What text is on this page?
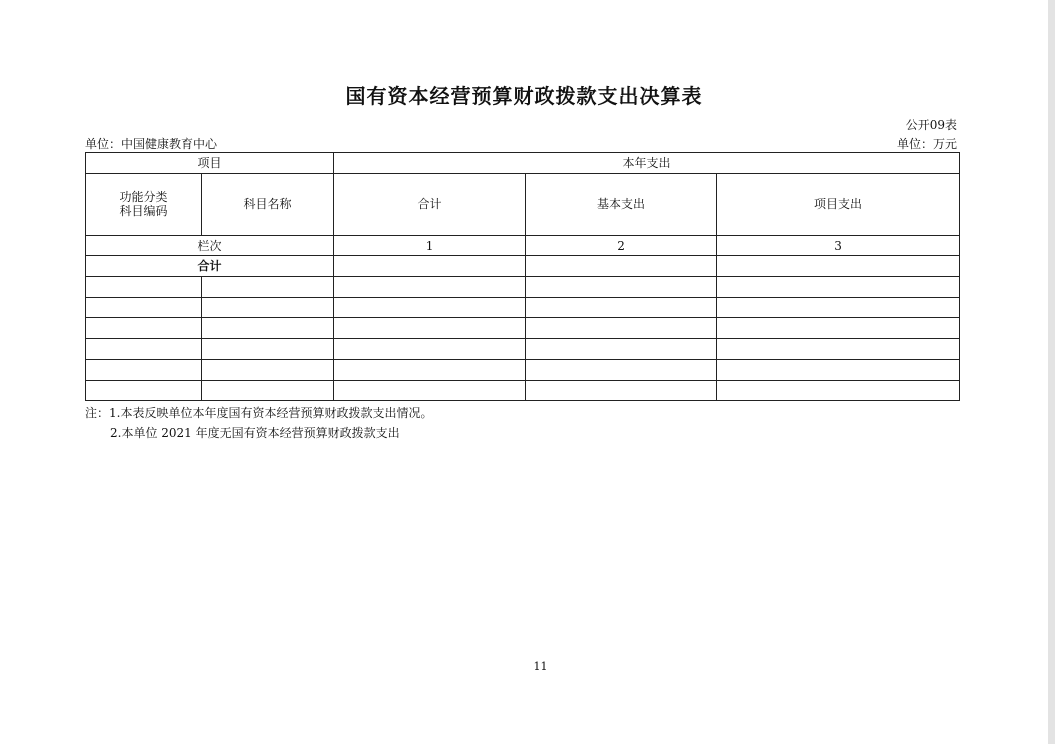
国有资本经营预算财政拨款支出决算表
公开09表
单位：中国健康教育中心	单位：万元
项目		本年支出		

功能分类
科目编码	科目名称	合计	基本支出	项目支出
栏次		1	2	3
合计				

注：1.本表反映单位本年度国有资本经营预算财政拨款支出情况。
2.本单位 2021 年度无国有资本经营预算财政拨款支出
11
